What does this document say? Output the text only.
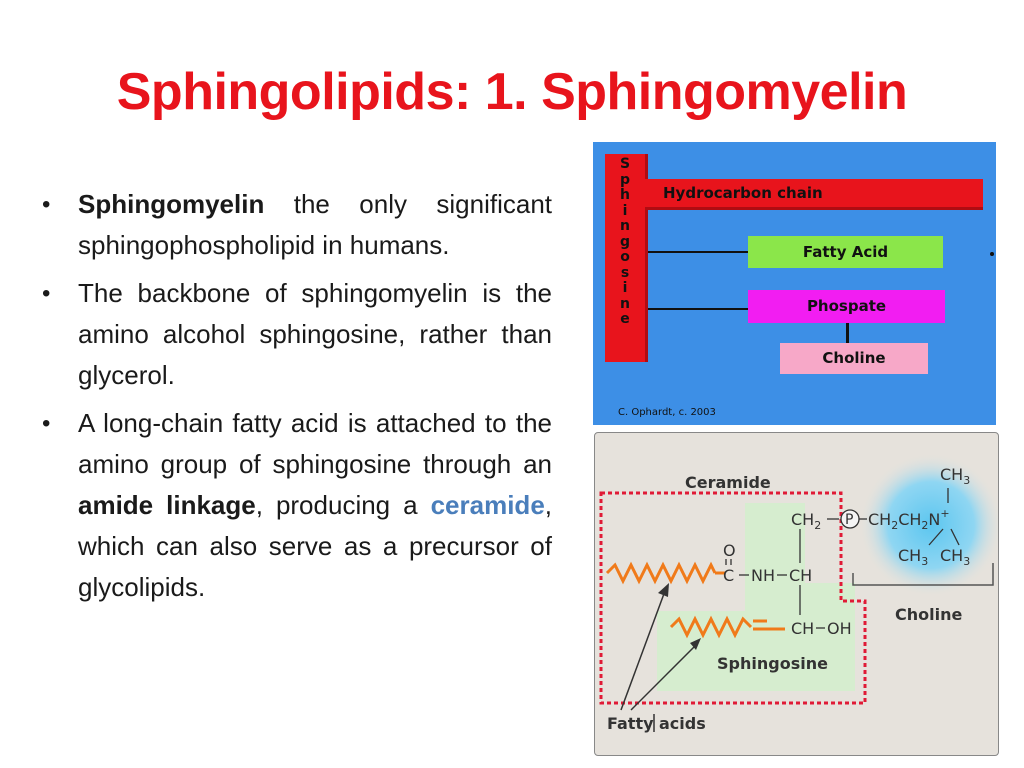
Sphingolipids: 1. Sphingomyelin
• Sphingomyelin the only significant sphingophospholipid in humans.
• The backbone of sphingomyelin is the amino alcohol sphingosine, rather than glycerol.
• A long-chain fatty acid is attached to the amino group of sphingosine through an amide linkage, producing a ceramide, which can also serve as a precursor of glycolipids.
S
p
h
i
n
g
o
s
i
n
e
Hydrocarbon chain
Fatty Acid
Phospate
Choline
C. Ophardt, c. 2003
Ceramide
Choline
Sphingosine
Fatty acids
O
C NH CH
$CH_2$ P $CH_2CH_2N^+$
$CH_3$
$CH_3$ $CH_3$
CH OH
